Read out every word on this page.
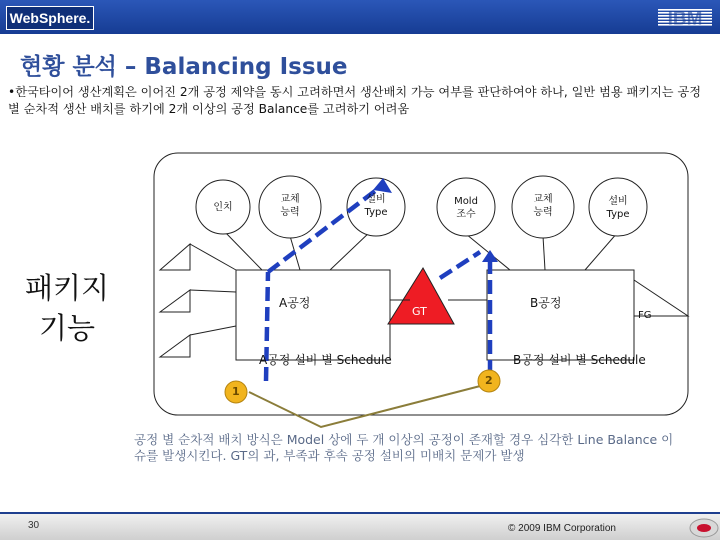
WebSphere.	IBM
현황 분석 – Balancing Issue
•한국타이어 생산계획은 이어진 2개 공정 제약을 동시 고려하면서 생산배치 가능 여부를 판단하여야 하나, 일반 범용 패키지는 공정 별 순차적 생산 배치를 하기에 2개 이상의 공정 Balance를 고려하기 어려움
패키지 기능
인치
교체
능력
설비
Type
Mold
조수
교체
능력
설비
Type
A공정	B공정
GT	FG
A공정 설비 별 Schedule	B공정 설비 별 Schedule
1
2
공정 별 순차적 배치 방식은 Model 상에 두 개 이상의 공정이 존재할 경우 심각한 Line Balance 이슈를 발생시킨다. GT의 과, 부족과 후속 공정 설비의 미배치 문제가 발생
30	© 2009 IBM Corporation
